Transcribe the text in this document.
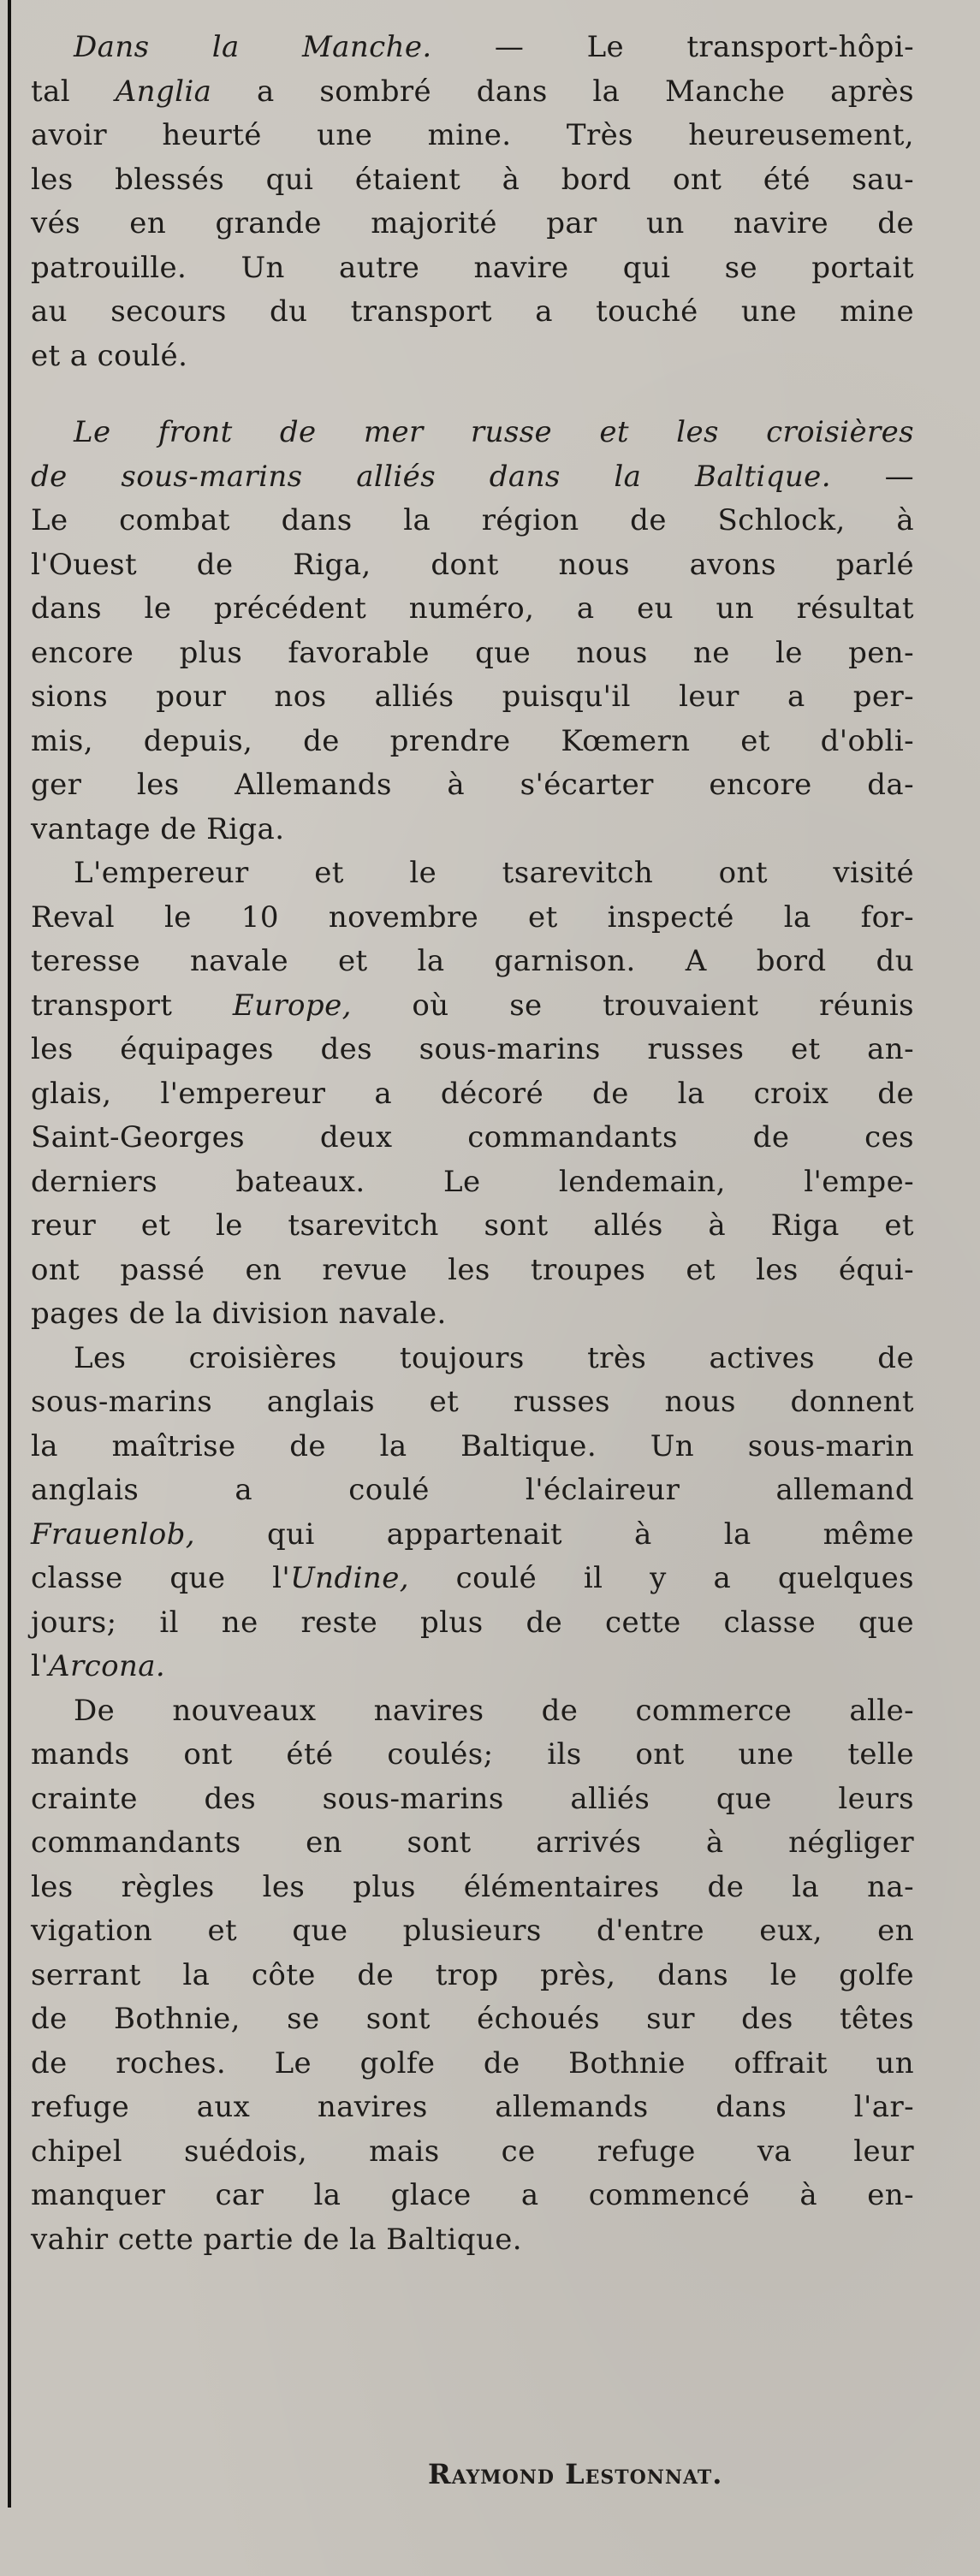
Dans la Manche. — Le transport-hôpi-
tal Anglia a sombré dans la Manche après
avoir heurté une mine. Très heureusement,
les blessés qui étaient à bord ont été sau-
vés en grande majorité par un navire de
patrouille. Un autre navire qui se portait
au secours du transport a touché une mine
et a coulé.
Le front de mer russe et les croisières
de sous-marins alliés dans la Baltique. —
Le combat dans la région de Schlock, à
l'Ouest de Riga, dont nous avons parlé
dans le précédent numéro, a eu un résultat
encore plus favorable que nous ne le pen-
sions pour nos alliés puisqu'il leur a per-
mis, depuis, de prendre Kœmern et d'obli-
ger les Allemands à s'écarter encore da-
vantage de Riga.
L'empereur et le tsarevitch ont visité
Reval le 10 novembre et inspecté la for-
teresse navale et la garnison. A bord du
transport Europe, où se trouvaient réunis
les équipages des sous-marins russes et an-
glais, l'empereur a décoré de la croix de
Saint-Georges deux commandants de ces
derniers bateaux. Le lendemain, l'empe-
reur et le tsarevitch sont allés à Riga et
ont passé en revue les troupes et les équi-
pages de la division navale.
Les croisières toujours très actives de
sous-marins anglais et russes nous donnent
la maîtrise de la Baltique. Un sous-marin
anglais a coulé l'éclaireur allemand
Frauenlob, qui appartenait à la même
classe que l'Undine, coulé il y a quelques
jours; il ne reste plus de cette classe que
l'Arcona.
De nouveaux navires de commerce alle-
mands ont été coulés; ils ont une telle
crainte des sous-marins alliés que leurs
commandants en sont arrivés à négliger
les règles les plus élémentaires de la na-
vigation et que plusieurs d'entre eux, en
serrant la côte de trop près, dans le golfe
de Bothnie, se sont échoués sur des têtes
de roches. Le golfe de Bothnie offrait un
refuge aux navires allemands dans l'ar-
chipel suédois, mais ce refuge va leur
manquer car la glace a commencé à en-
vahir cette partie de la Baltique.
Raymond Lestonnat.
